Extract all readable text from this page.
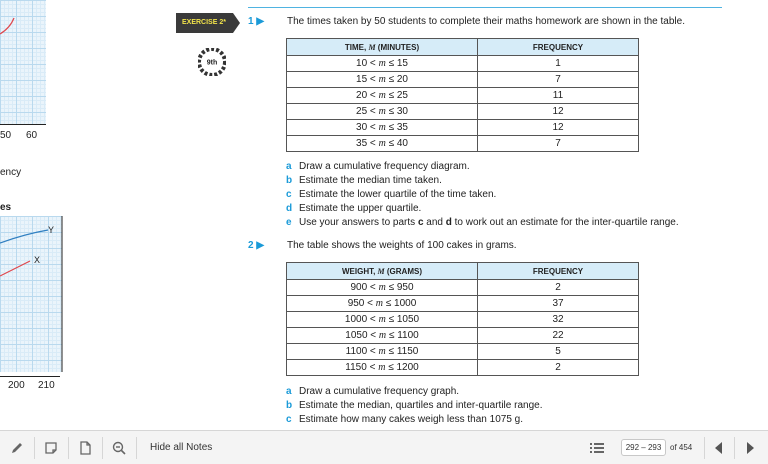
50 60
ency
es
Y
X
200 210
EXERCISE 2*
9th
1 ▶ The times taken by 50 students to complete their maths homework are shown in the table.
TIME, M (MINUTES)	FREQUENCY
10 < m ≤ 15	1
15 < m ≤ 20	7
20 < m ≤ 25	11
25 < m ≤ 30	12
30 < m ≤ 35	12
35 < m ≤ 40	7
a Draw a cumulative frequency diagram.
b Estimate the median time taken.
c Estimate the lower quartile of the time taken.
d Estimate the upper quartile.
e Use your answers to parts c and d to work out an estimate for the inter-quartile range.
2 ▶ The table shows the weights of 100 cakes in grams.
WEIGHT, M (GRAMS)	FREQUENCY
900 < m ≤ 950	2
950 < m ≤ 1000	37
1000 < m ≤ 1050	32
1050 < m ≤ 1100	22
1100 < m ≤ 1150	5
1150 < m ≤ 1200	2
a Draw a cumulative frequency graph.
b Estimate the median, quartiles and inter-quartile range.
c Estimate how many cakes weigh less than 1075 g.
Hide all Notes	292 – 293	of 454
